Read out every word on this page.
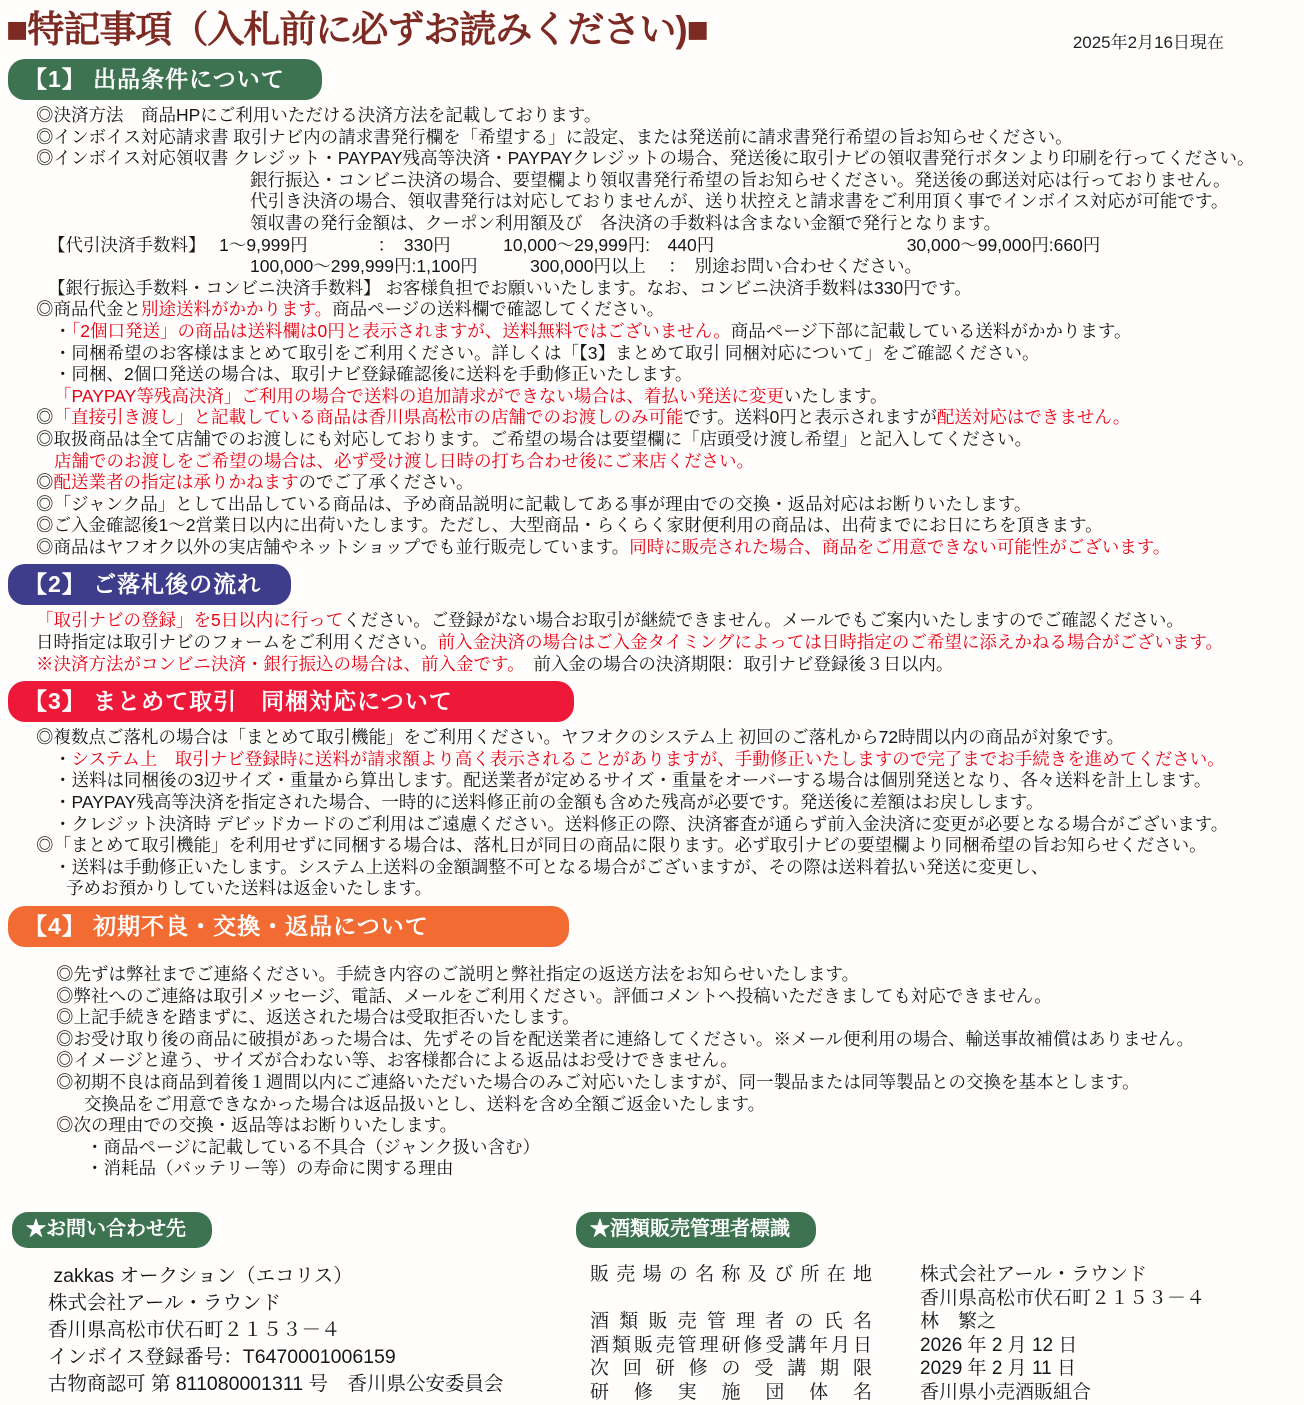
■特記事項（入札前に必ずお読みください)■	2025年2月16日現在
【1】 出品条件について
◎決済方法　商品HPにご利用いただける決済方法を記載しております。
◎インボイス対応請求書 取引ナビ内の請求書発行欄を「希望する」に設定、または発送前に請求書発行希望の旨お知らせください。
◎インボイス対応領収書 クレジット・PAYPAY残高等決済・PAYPAYクレジットの場合、発送後に取引ナビの領収書発行ボタンより印刷を行ってください。
銀行振込・コンビニ決済の場合、要望欄より領収書発行希望の旨お知らせください。発送後の郵送対応は行っておりません。
代引き決済の場合、領収書発行は対応しておりませんが、送り状控えと請求書をご利用頂く事でインボイス対応が可能です。
領収書の発行金額は、クーポン利用額及び　各決済の手数料は含まない金額で発行となります。
【代引決済手数料】　 1～9,999円　　　　：　330円　　　10,000～29,999円:　440円　　　　　　　　　　　30,000～99,000円:660円
100,000～299,999円:1,100円　　　300,000円以上　 ：　別途お問い合わせください。
【銀行振込手数料・コンビニ決済手数料】 お客様負担でお願いいたします。なお、コンビニ決済手数料は330円です。
◎商品代金と別途送料がかかります。商品ページの送料欄で確認してください。
・「2個口発送」の商品は送料欄は0円と表示されますが、送料無料ではございません。商品ページ下部に記載している送料がかかります。
・同梱希望のお客様はまとめて取引をご利用ください。詳しくは「【3】まとめて取引 同梱対応について」をご確認ください。
・同梱、2個口発送の場合は、取引ナビ登録確認後に送料を手動修正いたします。
「PAYPAY等残高決済」ご利用の場合で送料の追加請求ができない場合は、着払い発送に変更いたします。
◎「直接引き渡し」と記載している商品は香川県高松市の店舗でのお渡しのみ可能です。送料0円と表示されますが配送対応はできません。
◎取扱商品は全て店舗でのお渡しにも対応しております。ご希望の場合は要望欄に「店頭受け渡し希望」と記入してください。
店舗でのお渡しをご希望の場合は、必ず受け渡し日時の打ち合わせ後にご来店ください。
◎配送業者の指定は承りかねますのでご了承ください。
◎「ジャンク品」として出品している商品は、予め商品説明に記載してある事が理由での交換・返品対応はお断りいたします。
◎ご入金確認後1～2営業日以内に出荷いたします。ただし、大型商品・らくらく家財便利用の商品は、出荷までにお日にちを頂きます。
◎商品はヤフオク以外の実店舗やネットショップでも並行販売しています。同時に販売された場合、商品をご用意できない可能性がございます。
【2】 ご落札後の流れ
「取引ナビの登録」を5日以内に行ってください。ご登録がない場合お取引が継続できません。メールでもご案内いたしますのでご確認ください。
日時指定は取引ナビのフォームをご利用ください。前入金決済の場合はご入金タイミングによっては日時指定のご希望に添えかねる場合がございます。
※決済方法がコンビニ決済・銀行振込の場合は、前入金です。　前入金の場合の決済期限：取引ナビ登録後３日以内。
【3】 まとめて取引　同梱対応について
◎複数点ご落札の場合は「まとめて取引機能」をご利用ください。ヤフオクのシステム上 初回のご落札から72時間以内の商品が対象です。
・システム上　取引ナビ登録時に送料が請求額より高く表示されることがありますが、手動修正いたしますので完了までお手続きを進めてください。
・送料は同梱後の3辺サイズ・重量から算出します。配送業者が定めるサイズ・重量をオーバーする場合は個別発送となり、各々送料を計上します。
・PAYPAY残高等決済を指定された場合、一時的に送料修正前の金額も含めた残高が必要です。発送後に差額はお戻しします。
・クレジット決済時 デビッドカードのご利用はご遠慮ください。送料修正の際、決済審査が通らず前入金決済に変更が必要となる場合がございます。
◎「まとめて取引機能」を利用せずに同梱する場合は、落札日が同日の商品に限ります。必ず取引ナビの要望欄より同梱希望の旨お知らせください。
・送料は手動修正いたします。システム上送料の金額調整不可となる場合がございますが、その際は送料着払い発送に変更し、
予めお預かりしていた送料は返金いたします。
【4】 初期不良・交換・返品について
◎先ずは弊社までご連絡ください。手続き内容のご説明と弊社指定の返送方法をお知らせいたします。
◎弊社へのご連絡は取引メッセージ、電話、メールをご利用ください。評価コメントへ投稿いただきましても対応できません。
◎上記手続きを踏まずに、返送された場合は受取拒否いたします。
◎お受け取り後の商品に破損があった場合は、先ずその旨を配送業者に連絡してください。※メール便利用の場合、輸送事故補償はありません。
◎イメージと違う、サイズが合わない等、お客様都合による返品はお受けできません。
◎初期不良は商品到着後１週間以内にご連絡いただいた場合のみご対応いたしますが、同一製品または同等製品との交換を基本とします。
交換品をご用意できなかった場合は返品扱いとし、送料を含め全額ご返金いたします。
◎次の理由での交換・返品等はお断りいたします。
・商品ページに記載している不具合（ジャンク扱い含む）
・消耗品（バッテリー等）の寿命に関する理由
★お問い合わせ先
zakkas オークション（エコリス）
株式会社アール・ラウンド
香川県高松市伏石町２１５３－４
インボイス登録番号：T6470001006159
古物商認可 第 811080001311 号　香川県公安委員会
★酒類販売管理者標識
販売場の名称及び所在地	株式会社アール・ラウンド
香川県高松市伏石町２１５３－４
酒類販売管理者の氏名	林　繁之
酒類販売管理研修受講年月日	2026 年 2 月 12 日
次回研修の受講期限	2029 年 2 月 11 日
研修実施団体名	香川県小売酒販組合
